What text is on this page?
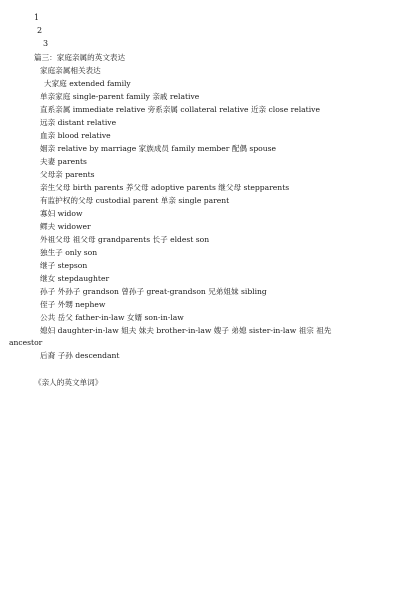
1
2
3
篇三：家庭亲属的英文表达
家庭亲属相关表达
大家庭 extended family
单亲家庭 single-parent family 亲戚 relative
直系亲属 immediate relative 旁系亲属 collateral relative 近亲 close relative
远亲 distant relative
血亲 blood relative
姻亲 relative by marriage 家族成员 family member 配偶 spouse
夫妻 parents
父母亲 parents
亲生父母 birth parents 养父母 adoptive parents 继父母 stepparents
有监护权的父母 custodial parent 单亲 single parent
寡妇 widow
鳏夫 widower
外祖父母 祖父母 grandparents 长子 eldest son
独生子 only son
继子 stepson
继女 stepdaughter
孙子 外孙子 grandson 曾孙子 great-grandson 兄弟姐妹 sibling
侄子 外甥 nephew
公共 岳父 father-in-law 女婿 son-in-law
媳妇 daughter-in-law 姐夫 妹夫 brother-in-law 嫂子 弟媳 sister-in-law 祖宗 祖先
ancestor
后裔 子孙 descendant
《亲人的英文单词》
